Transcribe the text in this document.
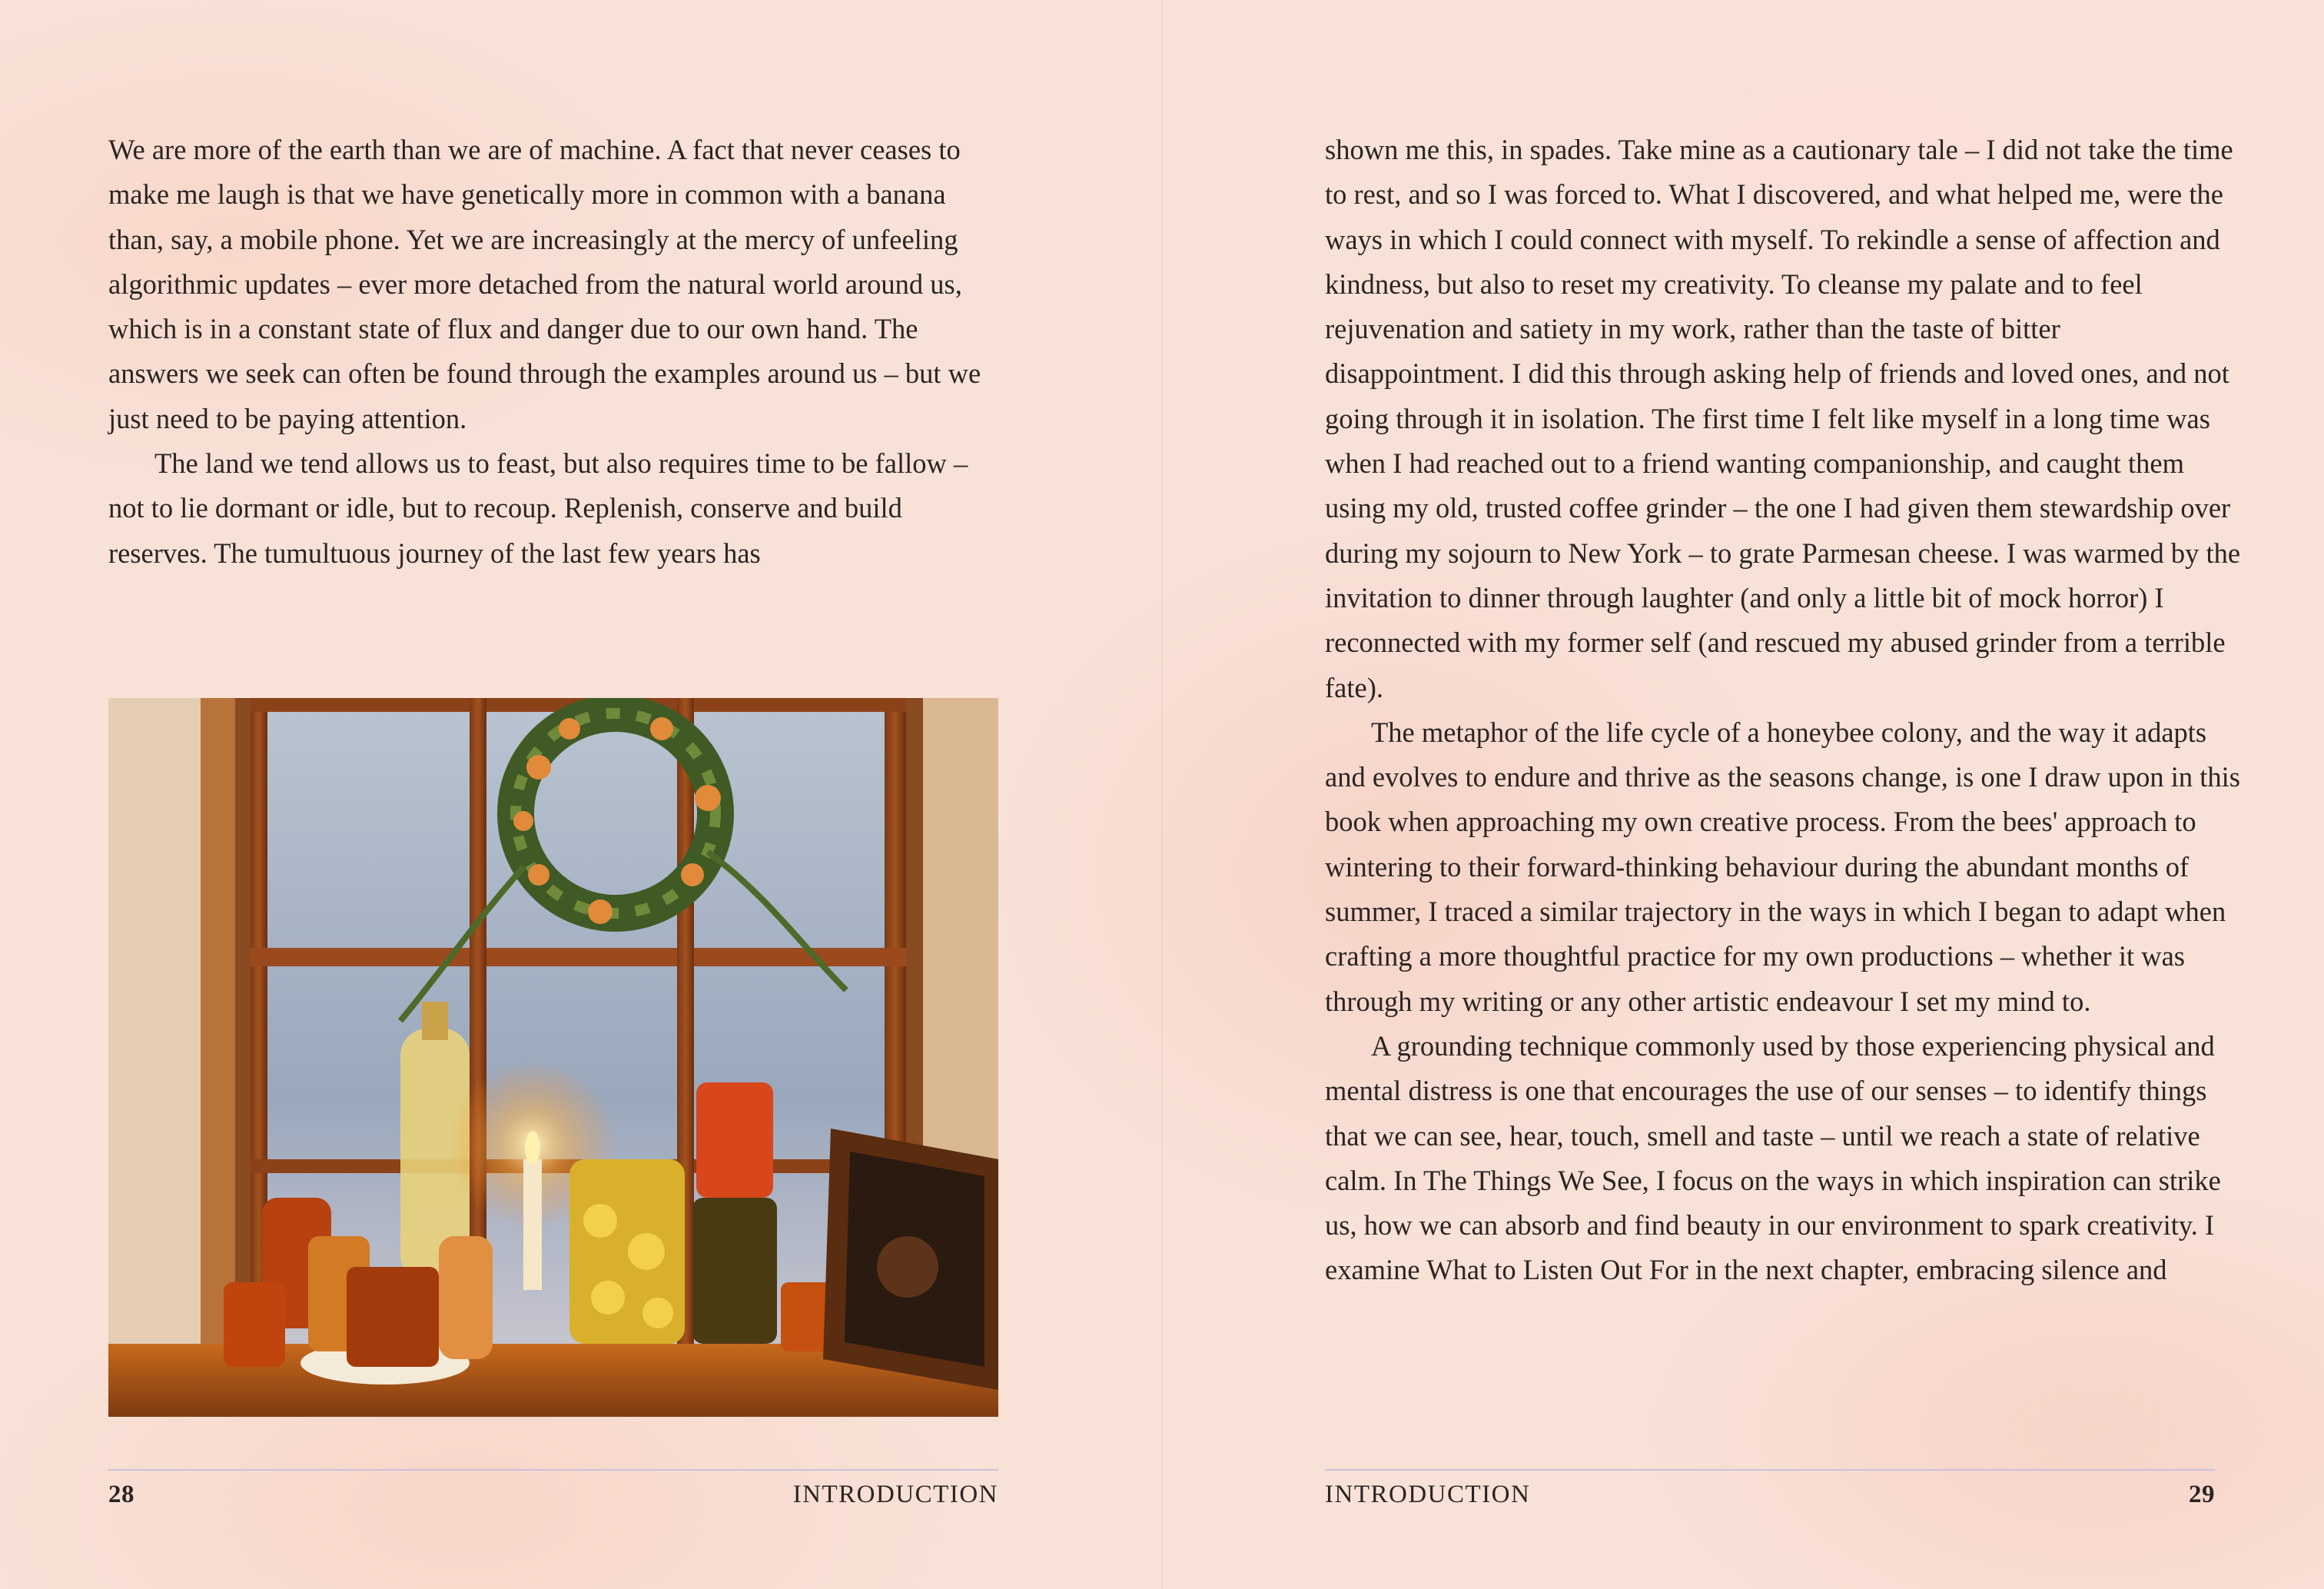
We are more of the earth than we are of machine. A fact that never ceases to make me laugh is that we have genetically more in common with a banana than, say, a mobile phone. Yet we are increasingly at the mercy of unfeeling algorithmic updates – ever more detached from the natural world around us, which is in a constant state of flux and danger due to our own hand. The answers we seek can often be found through the examples around us – but we just need to be paying attention.

The land we tend allows us to feast, but also requires time to be fallow – not to lie dormant or idle, but to recoup. Replenish, conserve and build reserves. The tumultuous journey of the last few years has

28	INTRODUCTION

shown me this, in spades. Take mine as a cautionary tale – I did not take the time to rest, and so I was forced to. What I discovered, and what helped me, were the ways in which I could connect with myself. To rekindle a sense of affection and kindness, but also to reset my creativity. To cleanse my palate and to feel rejuvenation and satiety in my work, rather than the taste of bitter disappointment. I did this through asking help of friends and loved ones, and not going through it in isolation. The first time I felt like myself in a long time was when I had reached out to a friend wanting companionship, and caught them using my old, trusted coffee grinder – the one I had given them stewardship over during my sojourn to New York – to grate Parmesan cheese. I was warmed by the invitation to dinner through laughter (and only a little bit of mock horror) I reconnected with my former self (and rescued my abused grinder from a terrible fate).

The metaphor of the life cycle of a honeybee colony, and the way it adapts and evolves to endure and thrive as the seasons change, is one I draw upon in this book when approaching my own creative process. From the bees' approach to wintering to their forward-thinking behaviour during the abundant months of summer, I traced a similar trajectory in the ways in which I began to adapt when crafting a more thoughtful practice for my own productions – whether it was through my writing or any other artistic endeavour I set my mind to.

A grounding technique commonly used by those experiencing physical and mental distress is one that encourages the use of our senses – to identify things that we can see, hear, touch, smell and taste – until we reach a state of relative calm. In The Things We See, I focus on the ways in which inspiration can strike us, how we can absorb and find beauty in our environment to spark creativity. I examine What to Listen Out For in the next chapter, embracing silence and

INTRODUCTION	29
